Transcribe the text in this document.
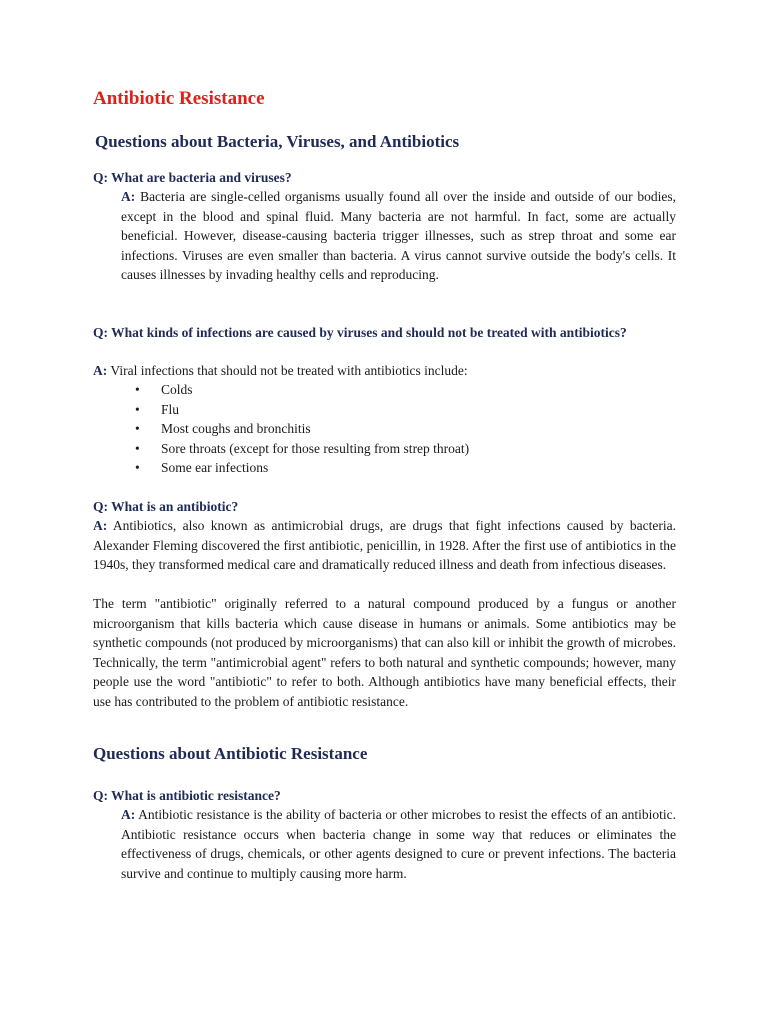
Antibiotic Resistance
Questions about Bacteria, Viruses, and Antibiotics
Q: What are bacteria and viruses?
A: Bacteria are single-celled organisms usually found all over the inside and outside of our bodies, except in the blood and spinal fluid. Many bacteria are not harmful. In fact, some are actually beneficial. However, disease-causing bacteria trigger illnesses, such as strep throat and some ear infections. Viruses are even smaller than bacteria. A virus cannot survive outside the body's cells. It causes illnesses by invading healthy cells and reproducing.
Q: What kinds of infections are caused by viruses and should not be treated with antibiotics?
A: Viral infections that should not be treated with antibiotics include:
• Colds
• Flu
• Most coughs and bronchitis
• Sore throats (except for those resulting from strep throat)
• Some ear infections
Q: What is an antibiotic?
A: Antibiotics, also known as antimicrobial drugs, are drugs that fight infections caused by bacteria. Alexander Fleming discovered the first antibiotic, penicillin, in 1928. After the first use of antibiotics in the 1940s, they transformed medical care and dramatically reduced illness and death from infectious diseases.
The term "antibiotic" originally referred to a natural compound produced by a fungus or another microorganism that kills bacteria which cause disease in humans or animals. Some antibiotics may be synthetic compounds (not produced by microorganisms) that can also kill or inhibit the growth of microbes. Technically, the term "antimicrobial agent" refers to both natural and synthetic compounds; however, many people use the word "antibiotic" to refer to both. Although antibiotics have many beneficial effects, their use has contributed to the problem of antibiotic resistance.
Questions about Antibiotic Resistance
Q: What is antibiotic resistance?
A: Antibiotic resistance is the ability of bacteria or other microbes to resist the effects of an antibiotic. Antibiotic resistance occurs when bacteria change in some way that reduces or eliminates the effectiveness of drugs, chemicals, or other agents designed to cure or prevent infections. The bacteria survive and continue to multiply causing more harm.
